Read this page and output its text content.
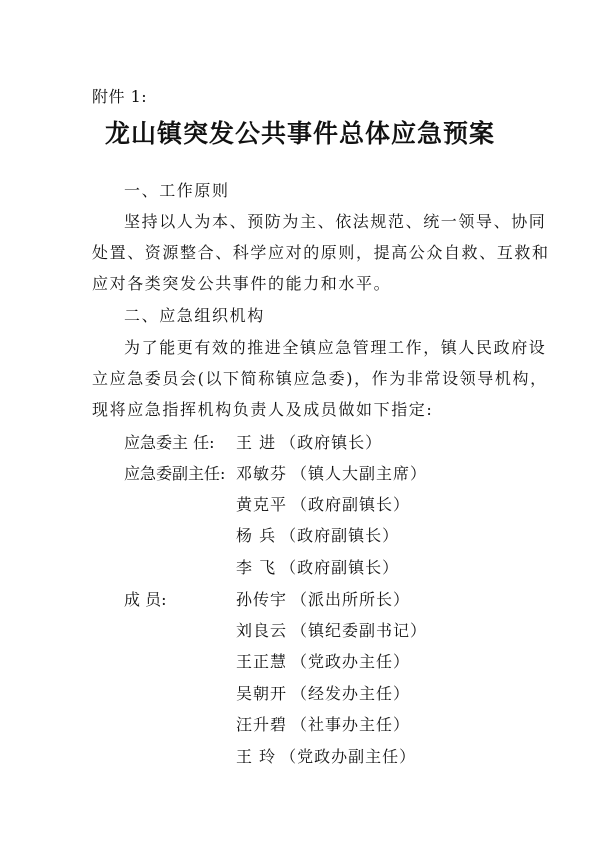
附件 1:
龙山镇突发公共事件总体应急预案
一、工作原则
坚持以人为本、预防为主、依法规范、统一领导、协同
处置、资源整合、科学应对的原则，提高公众自救、互救和
应对各类突发公共事件的能力和水平。
二、应急组织机构
为了能更有效的推进全镇应急管理工作，镇人民政府设
立应急委员会(以下简称镇应急委)，作为非常设领导机构，
现将应急指挥机构负责人及成员做如下指定:
应急委主 任:
应急委副主任:
成 员:
王 进 （政府镇长）
邓敏芬 （镇人大副主席）
黄克平 （政府副镇长）
杨 兵 （政府副镇长）
李 飞 （政府副镇长）
孙传宇 （派出所所长）
刘良云 （镇纪委副书记）
王正慧 （党政办主任）
吴朝开 （经发办主任）
汪升碧 （社事办主任）
王 玲 （党政办副主任）
